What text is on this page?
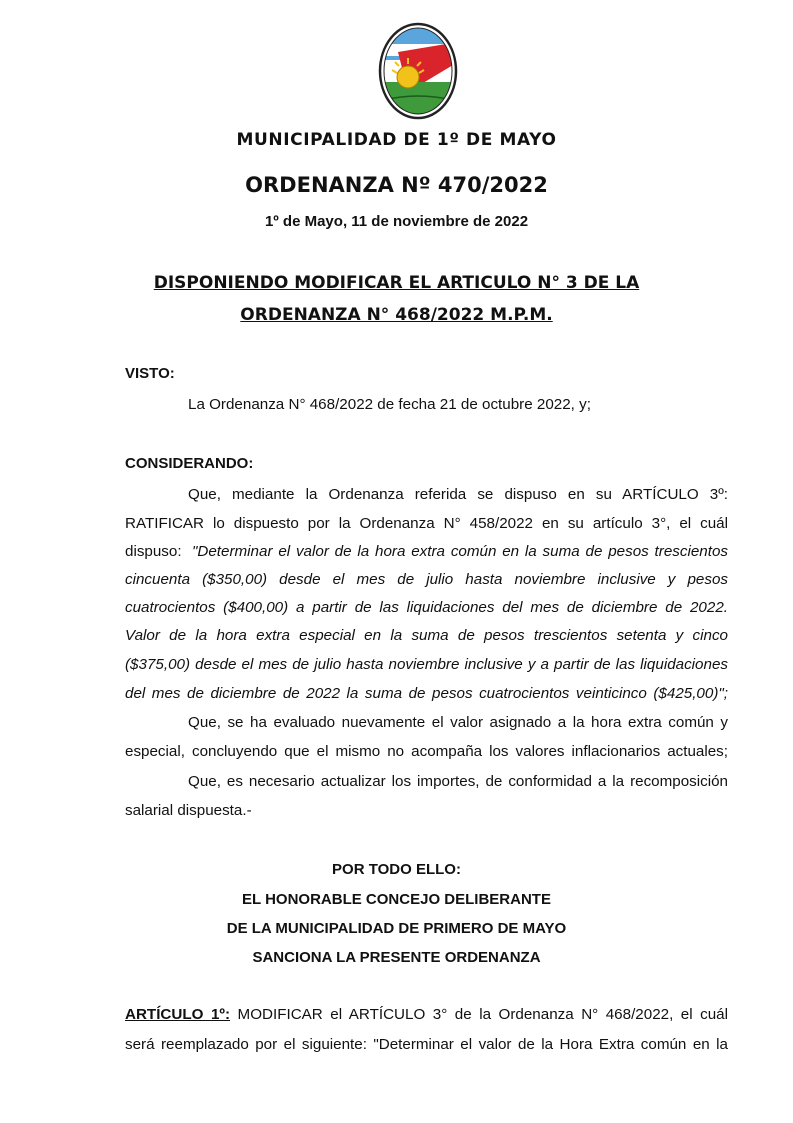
MUNICIPALIDAD DE 1º DE MAYO
ORDENANZA Nº 470/2022
1º de Mayo, 11 de noviembre de 2022
DISPONIENDO MODIFICAR EL ARTICULO N° 3 DE LA
ORDENANZA N° 468/2022 M.P.M.
VISTO:
La Ordenanza N° 468/2022 de fecha 21 de octubre 2022, y;
CONSIDERANDO:
Que, mediante la Ordenanza referida se dispuso en su ARTÍCULO 3º:
RATIFICAR lo dispuesto por la Ordenanza N° 458/2022 en su artículo 3°, el cuál
dispuso: "Determinar el valor de la hora extra común en la suma de pesos trescientos
cincuenta ($350,00) desde el mes de julio hasta noviembre inclusive y pesos
cuatrocientos ($400,00) a partir de las liquidaciones del mes de diciembre de 2022.
Valor de la hora extra especial en la suma de pesos trescientos setenta y cinco
($375,00) desde el mes de julio hasta noviembre inclusive y a partir de las liquidaciones
del mes de diciembre de 2022 la suma de pesos cuatrocientos veinticinco ($425,00)";
Que, se ha evaluado nuevamente el valor asignado a la hora extra común y
especial, concluyendo que el mismo no acompaña los valores inflacionarios actuales;
Que, es necesario actualizar los importes, de conformidad a la recomposición
salarial dispuesta.-
POR TODO ELLO:
EL HONORABLE CONCEJO DELIBERANTE
DE LA MUNICIPALIDAD DE PRIMERO DE MAYO
SANCIONA LA PRESENTE ORDENANZA
ARTÍCULO 1º: MODIFICAR el ARTÍCULO 3° de la Ordenanza N° 468/2022, el cuál
será reemplazado por el siguiente: "Determinar el valor de la Hora Extra común en la
